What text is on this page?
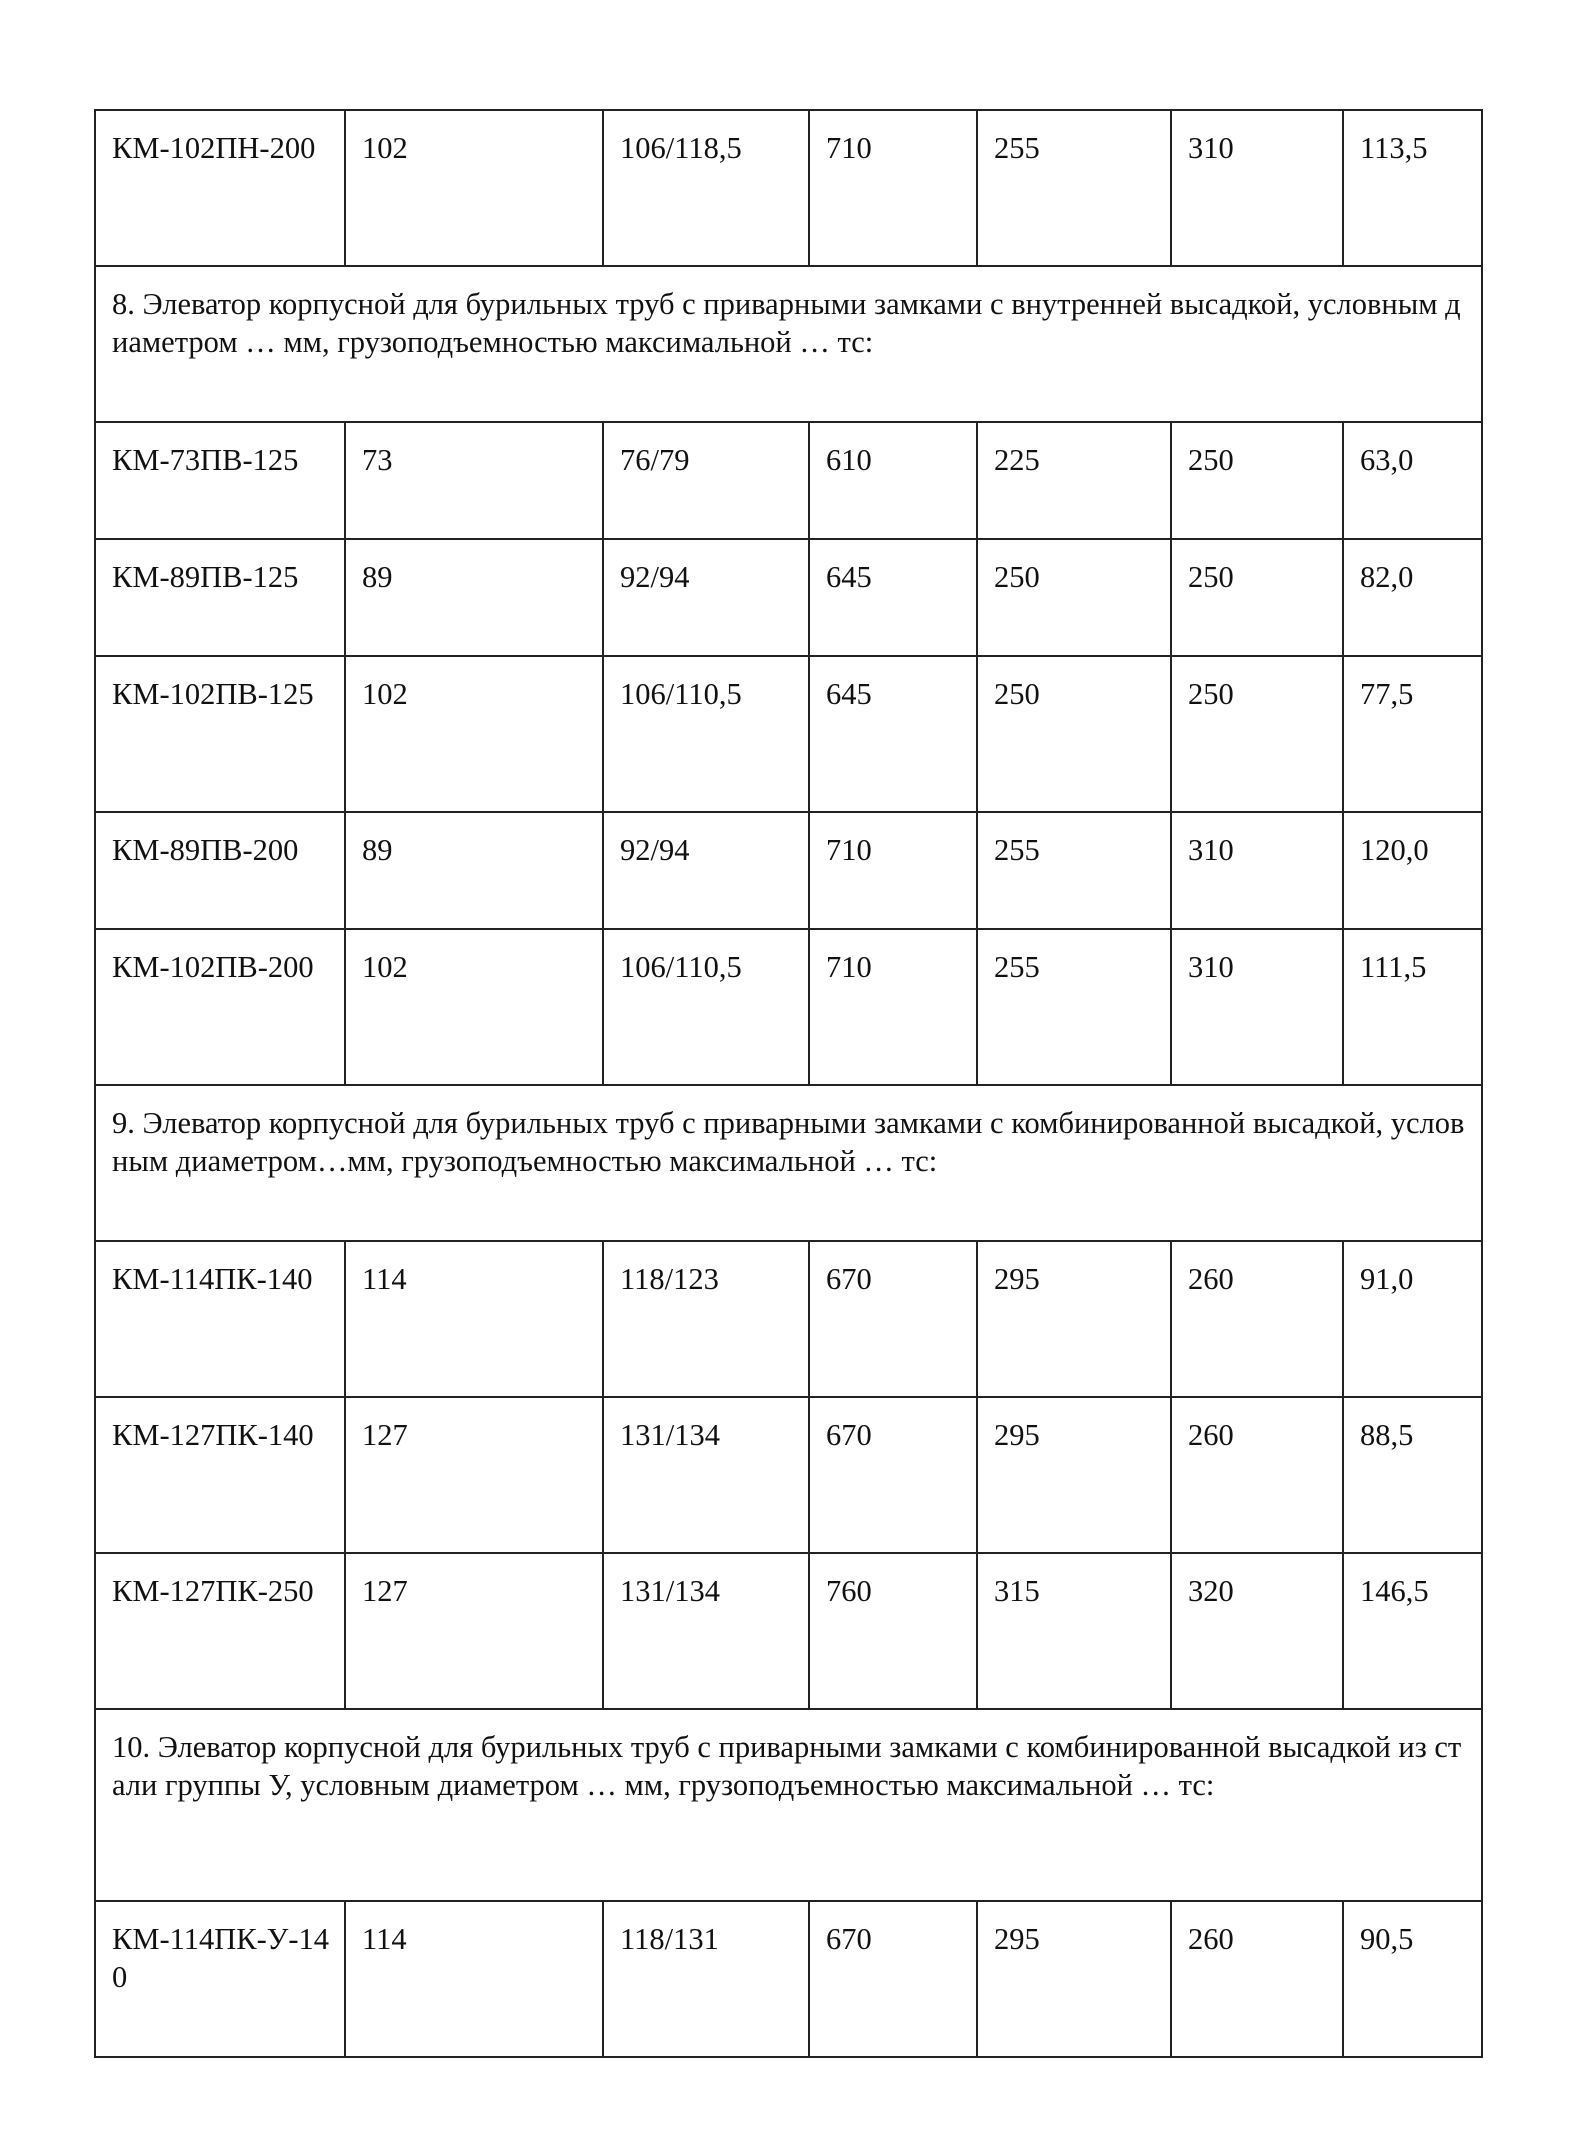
КМ-102ПН-200	102	106/118,5	710	255	310	113,5
8. Элеватор корпусной для бурильных труб с приварными замками с внутренней высадкой, условным диаметром … мм, грузоподъемностью максимальной … тс:						
КМ-73ПВ-125	73	76/79	610	225	250	63,0
КМ-89ПВ-125	89	92/94	645	250	250	82,0
КМ-102ПВ-125	102	106/110,5	645	250	250	77,5
КМ-89ПВ-200	89	92/94	710	255	310	120,0
КМ-102ПВ-200	102	106/110,5	710	255	310	111,5
9. Элеватор корпусной для бурильных труб с приварными замками с комбинированной высадкой, условным диаметром…мм, грузоподъемностью максимальной … тс:						
КМ-114ПК-140	114	118/123	670	295	260	91,0
КМ-127ПК-140	127	131/134	670	295	260	88,5
КМ-127ПК-250	127	131/134	760	315	320	146,5
10. Элеватор корпусной для бурильных труб с приварными замками с комбинированной высадкой из стали группы У, условным диаметром … мм, грузоподъемностью максимальной … тс:						
КМ-114ПК-У-140	114	118/131	670	295	260	90,5
